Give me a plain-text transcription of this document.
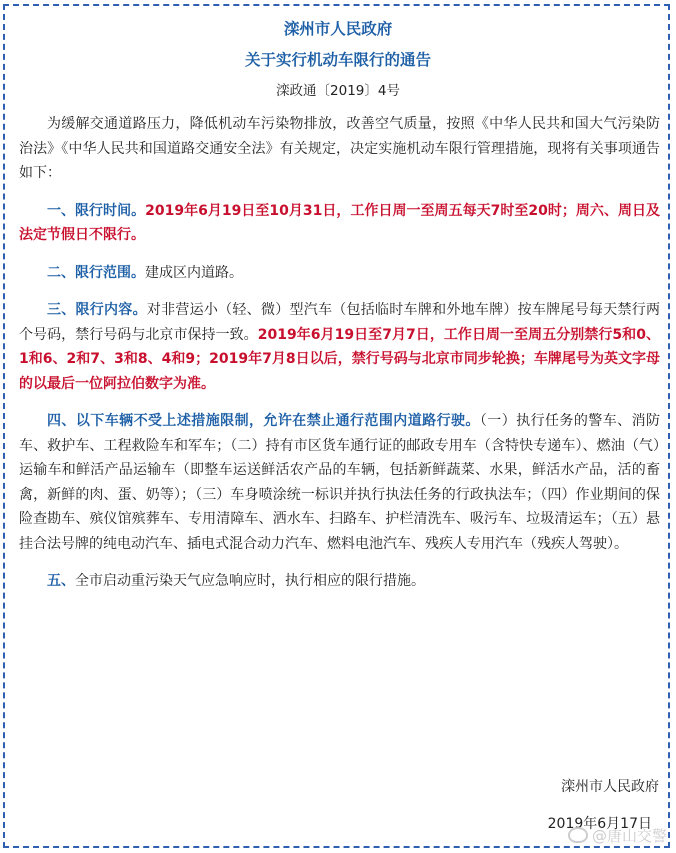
滦州市人民政府
关于实行机动车限行的通告
滦政通〔2019〕4号

为缓解交通道路压力，降低机动车污染物排放，改善空气质量，按照《中华人民共和国大气污染防治法》《中华人民共和国道路交通安全法》有关规定，决定实施机动车限行管理措施，现将有关事项通告如下：

一、限行时间。2019年6月19日至10月31日，工作日周一至周五每天7时至20时；周六、周日及法定节假日不限行。

二、限行范围。建成区内道路。

三、限行内容。对非营运小（轻、微）型汽车（包括临时车牌和外地车牌）按车牌尾号每天禁行两个号码，禁行号码与北京市保持一致。2019年6月19日至7月7日，工作日周一至周五分别禁行5和0、1和6、2和7、3和8、4和9；2019年7月8日以后，禁行号码与北京市同步轮换；车牌尾号为英文字母的以最后一位阿拉伯数字为准。

四、以下车辆不受上述措施限制，允许在禁止通行范围内道路行驶。（一）执行任务的警车、消防车、救护车、工程救险车和军车；（二）持有市区货车通行证的邮政专用车（含特快专递车）、燃油（气）运输车和鲜活产品运输车（即整车运送鲜活农产品的车辆，包括新鲜蔬菜、水果，鲜活水产品，活的畜禽，新鲜的肉、蛋、奶等）；（三）车身喷涂统一标识并执行执法任务的行政执法车；（四）作业期间的保险查勘车、殡仪馆殡葬车、专用清障车、洒水车、扫路车、护栏清洗车、吸污车、垃圾清运车；（五）悬挂合法号牌的纯电动汽车、插电式混合动力汽车、燃料电池汽车、残疾人专用汽车（残疾人驾驶）。

五、全市启动重污染天气应急响应时，执行相应的限行措施。

滦州市人民政府
2019年6月17日
@唐山交警
